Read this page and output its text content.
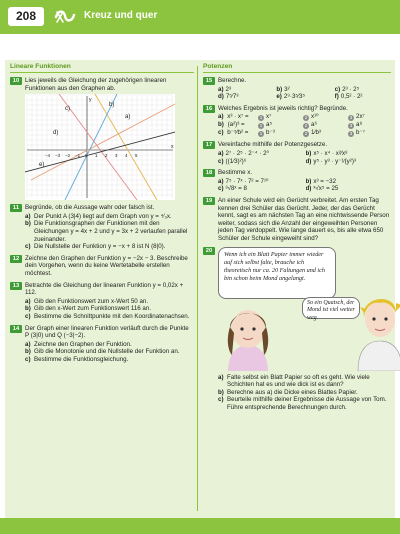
208	Kreuz und quer
Lineare Funktionen
10 Lies jeweils die Gleichung der zugehörigen linearen Funktionen aus den Graphen ab.
a)
b)
c)
d)
e)
x
y
−4 −3 −2 −1 0 1 2 3 4 5
11 Begründe, ob die Aussage wahr oder falsch ist.
a) Der Punkt A (3|4) liegt auf dem Graph von y = ⁴⁄₃x.
b) Die Funktionsgraphen der Funktionen mit den Gleichungen y = 4x + 2 und y = 3x + 2 verlaufen parallel zueinander.
c) Die Nullstelle der Funktion y = −x + 8 ist N (8|0).
12 Zeichne den Graphen der Funktion y = −2x − 3. Beschreibe dein Vorgehen, wenn du keine Wertetabelle erstellen möchtest.
13 Betrachte die Gleichung der linearen Funktion y = 0,02x + 112.
a) Gib den Funktionswert zum x-Wert 50 an.
b) Gib den x-Wert zum Funktionswert 116 an.
c) Bestimme die Schnittpunkte mit den Koordinatenachsen.
14 Der Graph einer linearen Funktion verläuft durch die Punkte P (3|0) und Q (−3|−2).
a) Zeichne den Graphen der Funktion.
b) Gib die Monotonie und die Nullstelle der Funktion an.
c) Bestimme die Funktionsgleichung.
Potenzen
15 Berechne.
a) 2³	b) 3²	c) 2³ · 2⁵
d) 7⁵⁄7³	e) 2⁹·3⁵⁄3⁵	f) 0,5² · 2²
16 Welches Ergebnis ist jeweils richtig? Begründe.
a) x³ · x⁷ =	1 x⁷	2 x¹⁰	3 2x⁷
b) (a²)³ =	1 a⁵	2 a⁶	3 a⁸
c) b⁻⁵⁄b² =	1 b⁻³	2 1⁄b³	3 b⁻⁷
17 Vereinfache mithilfe der Potenzgesetze.
a) 2⁷ · 2⁵ · 2⁻⁴ · 2⁰	b) x⁵ · x⁴ · x²⁄x⁸
c) ((1⁄3)²)⁶	d) y⁵ · y³ · y⁻¹⁄(y²)³
18 Bestimme x.
a) 7⁵ · 7ˣ · 7² = 7¹⁰	b) x³ = −32
c) ³√8ˣ = 8	d) ˣ√x⁵ = 25
19 An einer Schule wird ein Gerücht verbreitet. Am ersten Tag kennen drei Schüler das Gerücht. Jeder, der das Gerücht kennt, sagt es am nächsten Tag an eine nichtwissende Person weiter, sodass sich die Anzahl der eingeweihten Personen jeden Tag verdoppelt. Wie lange dauert es, bis alle etwa 650 Schüler der Schule eingeweiht sind?
20	Wenn ich ein Blatt Papier immer wieder auf sich selbst falte, brauche ich theoretisch nur ca. 20 Faltungen und ich bin schon beim Mond angelangt.
So ein Quatsch, der Mond ist viel weiter weg.
a) Falte selbst ein Blatt Papier so oft es geht. Wie viele Schichten hat es und wie dick ist es dann?
b) Berechne aus a) die Dicke eines Blattes Papier.
c) Beurteile mithilfe deiner Ergebnisse die Aussage von Tom. Führe entsprechende Berechnungen durch.
